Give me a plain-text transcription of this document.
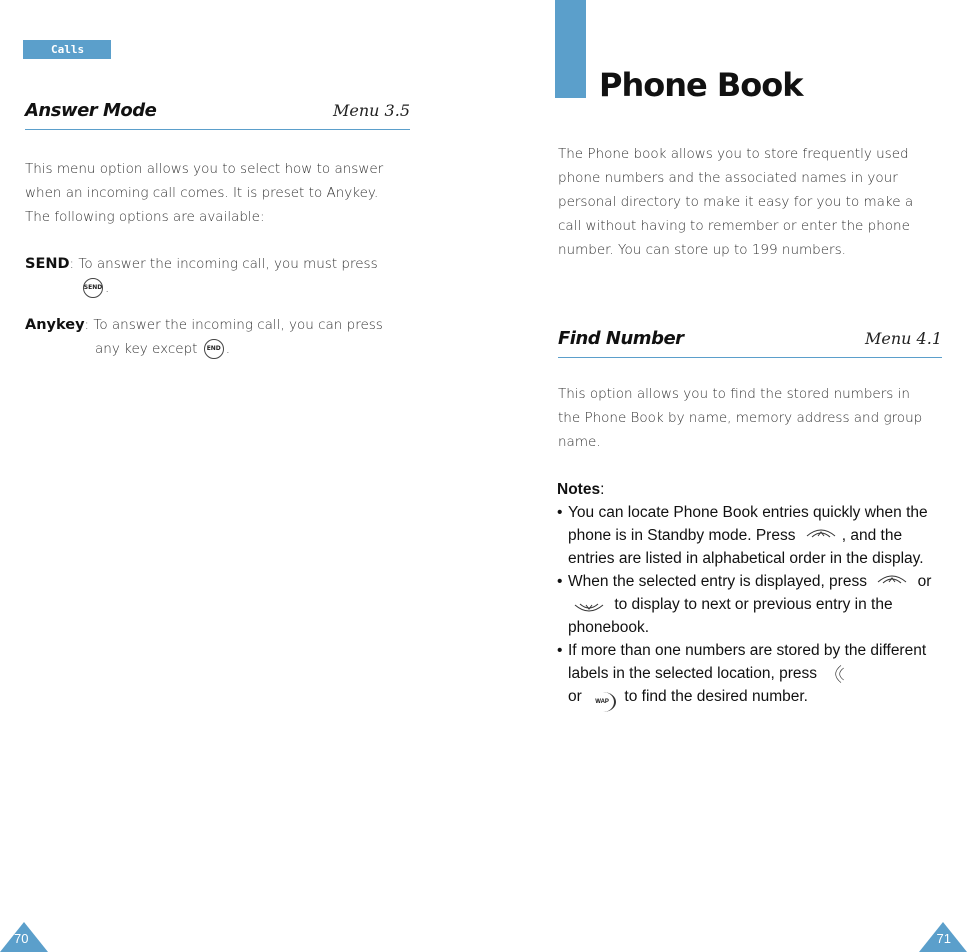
Calls
Answer Mode	Menu 3.5
This menu option allows you to select how to answer
when an incoming call comes. It is preset to Anykey.
The following options are available:
SEND: To answer the incoming call, you must press
SEND .
Anykey: To answer the incoming call, you can press
any key except END .
70
Phone Book
The Phone book allows you to store frequently used
phone numbers and the associated names in your
personal directory to make it easy for you to make a
call without having to remember or enter the phone
number. You can store up to 199 numbers.
Find Number	Menu 4.1
This option allows you to find the stored numbers in
the Phone Book by name, memory address and group
name.
Notes:
• You can locate Phone Book entries quickly when the phone is in Standby mode. Press	, and the entries are listed in alphabetical order in the display.
• When the selected entry is displayed, press	or  to display to next or previous entry in the phonebook.
• If more than one numbers are stored by the different labels in the selected location, press
or WAP to find the desired number.
71
